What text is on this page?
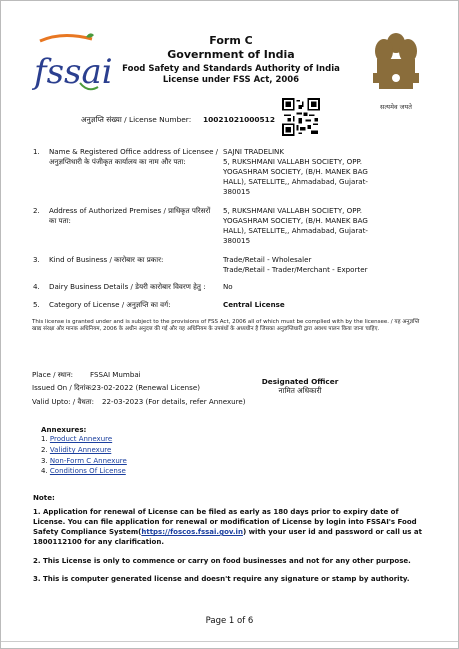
fssai
सत्यमेव जयते
Form C
Government of India
Food Safety and Standards Authority of India
License under FSS Act, 2006
अनुज्ञप्ति संख्या / License Number: 10021021000512
1. Name & Registered Office address of Licensee / अनुज्ञप्तिधारी के पंजीकृत कार्यालय का नाम और पता:
SAJNI TRADELINK
5, RUKSHMANI VALLABH SOCIETY, OPP. YOGASHRAM SOCIETY, (B/H. MANEK BAG HALL), SATELLITE,, Ahmadabad, Gujarat-380015
2. Address of Authorized Premises / प्राधिकृत परिसरों का पता:
5, RUKSHMANI VALLABH SOCIETY, OPP. YOGASHRAM SOCIETY, (B/H. MANEK BAG HALL), SATELLITE,, Ahmadabad, Gujarat-380015
3. Kind of Business / कारोबार का प्रकार:	Trade/Retail - Wholesaler
Trade/Retail - Trader/Merchant - Exporter
4. Dairy Business Details / डेयरी कारोबार विवरण हेतु :	No
5. Category of License / अनुज्ञप्ति का वर्ग:	Central License
This license is granted under and is subject to the provisions of FSS Act, 2006 all of which must be complied with by the licensee. / यह अनुज्ञप्ति खाद्य संरक्षा और मानक अधिनियम, 2006 के अधीन अनुदत्त की गई और यह अधिनियम के उपबंधों के अध्यधीन है जिसका अनुज्ञप्तिधारी द्वारा अवश्य पालन किया जाना चाहिए.
Place / स्थान: FSSAI Mumbai
Issued On / दिनांक:
23-02-2022 (Renewal License)
Valid Upto: / वैधता: 22-03-2023 (For details, refer Annexure)
Designated Officer
नामित अधिकारी
Annexures:
1. Product Annexure
2. Validity Annexure
3. Non-Form C Annexure
4. Conditions Of License
Note:
1. Application for renewal of License can be filed as early as 180 days prior to expiry date of License. You can file application for renewal or modification of License by login into FSSAI's Food Safety Compliance System(https://foscos.fssai.gov.in) with your user id and password or call us at 1800112100 for any clarification.
2. This License is only to commence or carry on food businesses and not for any other purpose.
3. This is computer generated license and doesn't require any signature or stamp by authority.
Page 1 of 6
